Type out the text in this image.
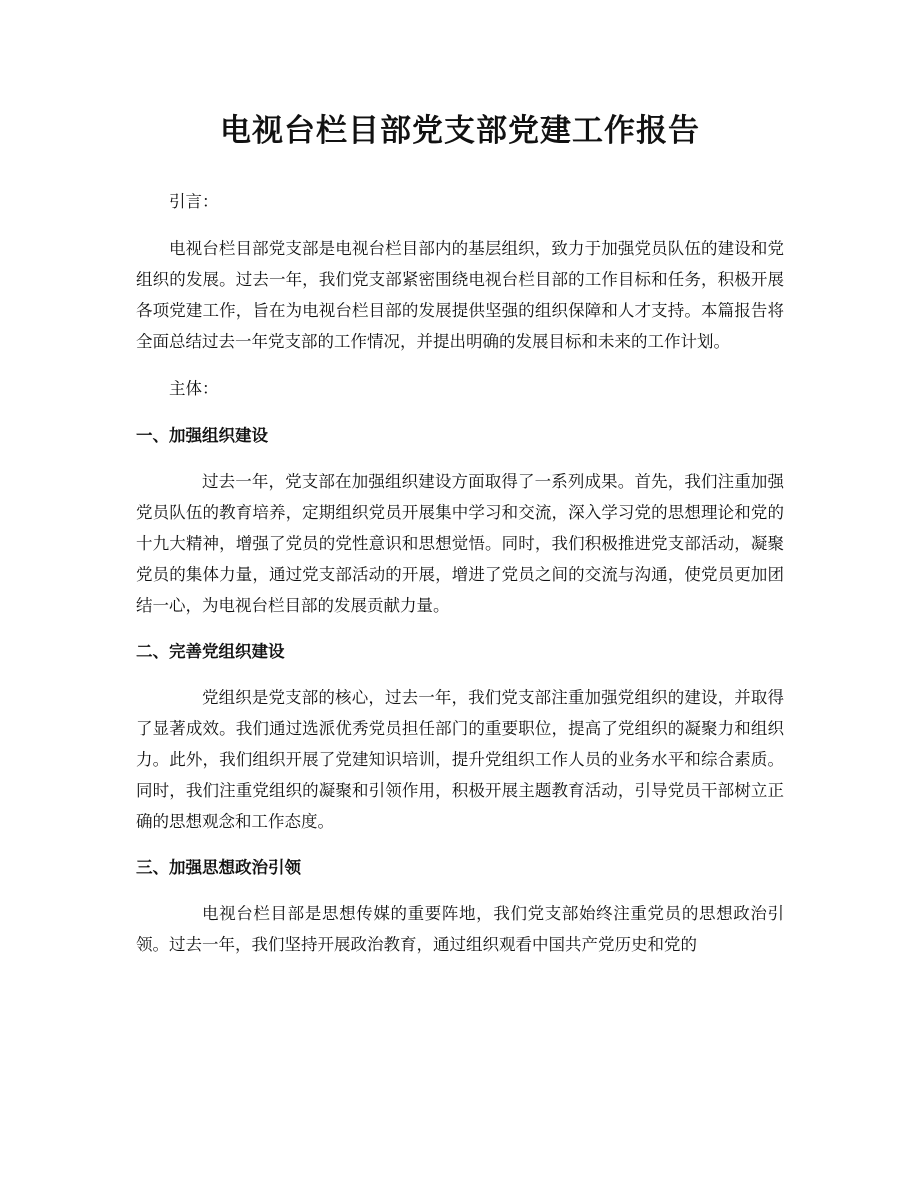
电视台栏目部党支部党建工作报告

引言：

电视台栏目部党支部是电视台栏目部内的基层组织，致力于加强党员队伍的建设和党组织的发展。过去一年，我们党支部紧密围绕电视台栏目部的工作目标和任务，积极开展各项党建工作，旨在为电视台栏目部的发展提供坚强的组织保障和人才支持。本篇报告将全面总结过去一年党支部的工作情况，并提出明确的发展目标和未来的工作计划。

主体：

一、加强组织建设

过去一年，党支部在加强组织建设方面取得了一系列成果。首先，我们注重加强党员队伍的教育培养，定期组织党员开展集中学习和交流，深入学习党的思想理论和党的十九大精神，增强了党员的党性意识和思想觉悟。同时，我们积极推进党支部活动，凝聚党员的集体力量，通过党支部活动的开展，增进了党员之间的交流与沟通，使党员更加团结一心，为电视台栏目部的发展贡献力量。

二、完善党组织建设

党组织是党支部的核心，过去一年，我们党支部注重加强党组织的建设，并取得了显著成效。我们通过选派优秀党员担任部门的重要职位，提高了党组织的凝聚力和组织力。此外，我们组织开展了党建知识培训，提升党组织工作人员的业务水平和综合素质。同时，我们注重党组织的凝聚和引领作用，积极开展主题教育活动，引导党员干部树立正确的思想观念和工作态度。

三、加强思想政治引领

电视台栏目部是思想传媒的重要阵地，我们党支部始终注重党员的思想政治引领。过去一年，我们坚持开展政治教育，通过组织观看中国共产党历史和党的
